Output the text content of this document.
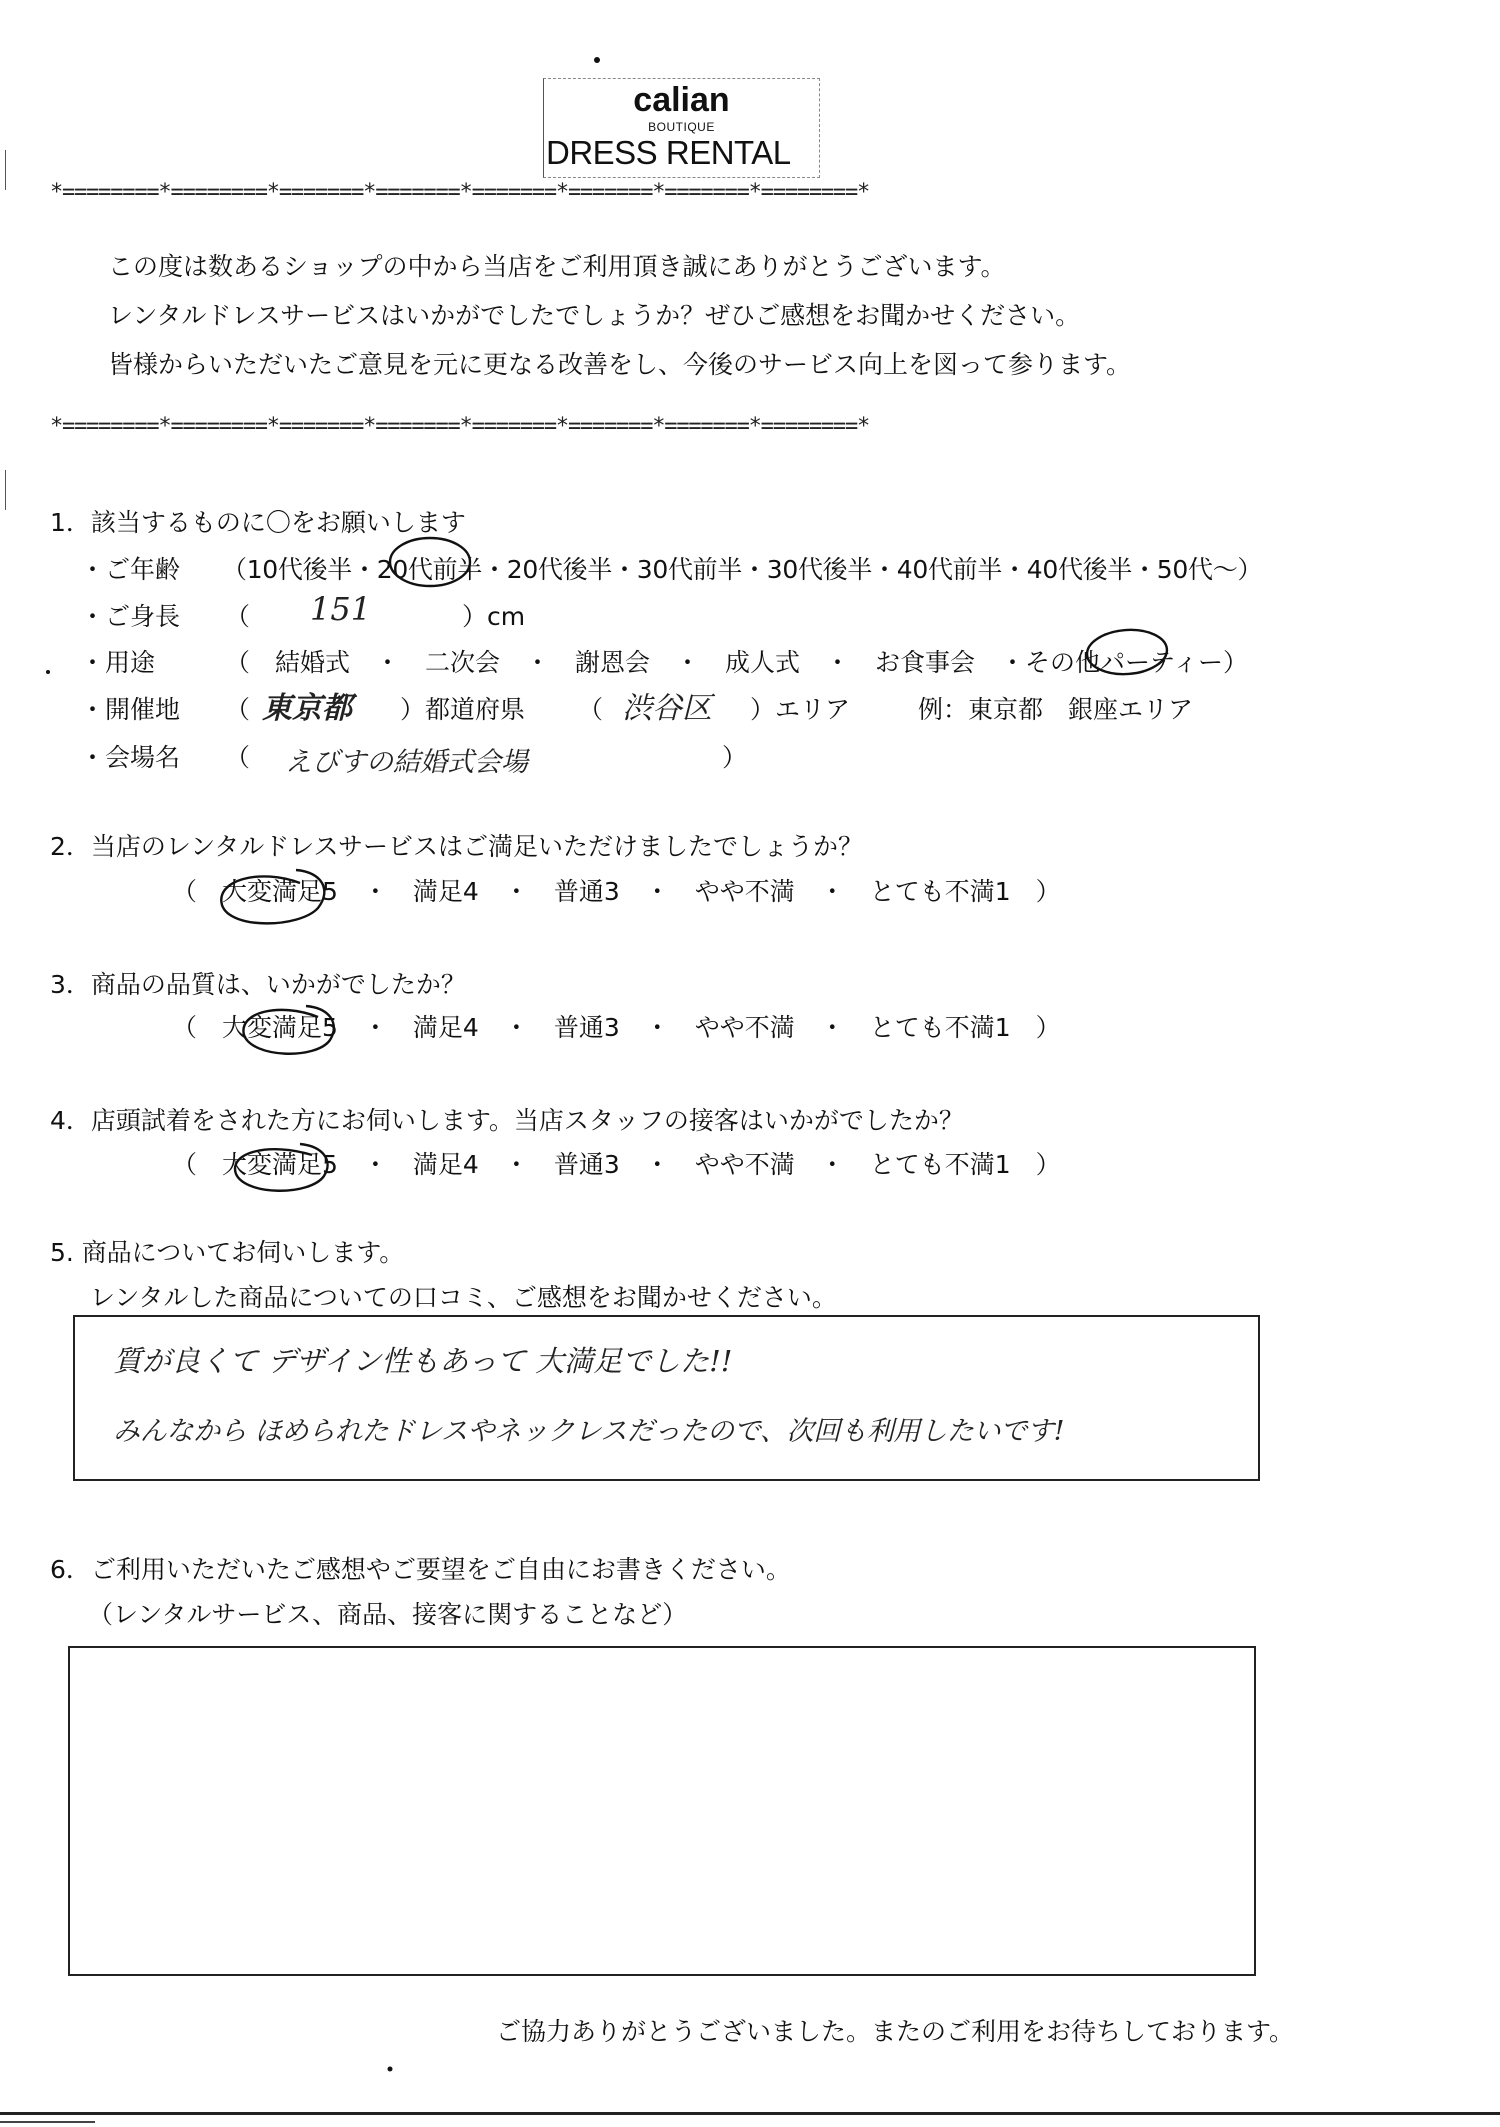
calian
BOUTIQUE
DRESS RENTAL
*========*========*=======*=======*=======*=======*=======*========*
*========*========*=======*=======*=======*=======*=======*========*
この度は数あるショップの中から当店をご利用頂き誠にありがとうございます。
レンタルドレスサービスはいかがでしたでしょうか？ぜひご感想をお聞かせください。
皆様からいただいたご意見を元に更なる改善をし、今後のサービス向上を図って参ります。
1．該当するものに〇をお願いします
・ご年齢 （10代後半・20代前半・20代後半・30代前半・30代後半・40代前半・40代後半・50代～）
・ご身長 （ 151	）cm
・用途	（　結婚式　・　二次会　・　謝恩会　・　成人式　・　お食事会　・その他パーティー）
・開催地 （ 東京都 ）都道府県 （ 渋谷区 ）エリア	例：東京都　銀座エリア
・会場名 （ えびすの結婚式会場	）
2．当店のレンタルドレスサービスはご満足いただけましたでしょうか？
（　大変満足5　・　満足4　・　普通3　・　やや不満　・　とても不満1　）
3．商品の品質は、いかがでしたか？
（　大変満足5　・　満足4　・　普通3　・　やや不満　・　とても不満1　）
4．店頭試着をされた方にお伺いします。当店スタッフの接客はいかがでしたか？
（　大変満足5　・　満足4　・　普通3　・　やや不満　・　とても不満1　）
5. 商品についてお伺いします。
レンタルした商品についての口コミ、ご感想をお聞かせください。
質が良くて デザイン性もあって 大満足でした!!
みんなから ほめられたドレスやネックレスだったので、次回も利用したいです!
6．ご利用いただいたご感想やご要望をご自由にお書きください。
（レンタルサービス、商品、接客に関することなど）
ご協力ありがとうございました。またのご利用をお待ちしております。
